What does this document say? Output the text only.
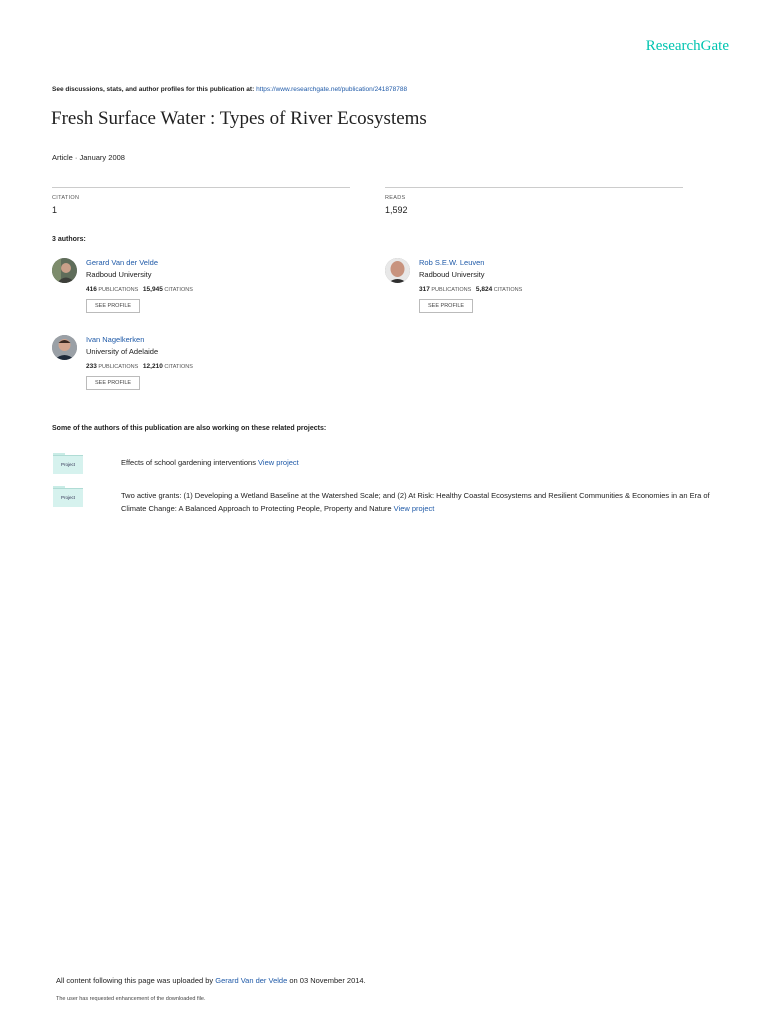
ResearchGate
See discussions, stats, and author profiles for this publication at: https://www.researchgate.net/publication/241878788
Fresh Surface Water : Types of River Ecosystems
Article · January 2008
CITATION
1
READS
1,592
3 authors:
Gerard Van der Velde
Radboud University
416 PUBLICATIONS 15,945 CITATIONS
SEE PROFILE
Rob S.E.W. Leuven
Radboud University
317 PUBLICATIONS 5,824 CITATIONS
SEE PROFILE
Ivan Nagelkerken
University of Adelaide
233 PUBLICATIONS 12,210 CITATIONS
SEE PROFILE
Some of the authors of this publication are also working on these related projects:
Project	Effects of school gardening interventions View project
Project	Two active grants: (1) Developing a Wetland Baseline at the Watershed Scale; and (2) At Risk: Healthy Coastal Ecosystems and Resilient Communities & Economies in an Era of Climate Change: A Balanced Approach to Protecting People, Property and Nature View project
All content following this page was uploaded by Gerard Van der Velde on 03 November 2014.
The user has requested enhancement of the downloaded file.
